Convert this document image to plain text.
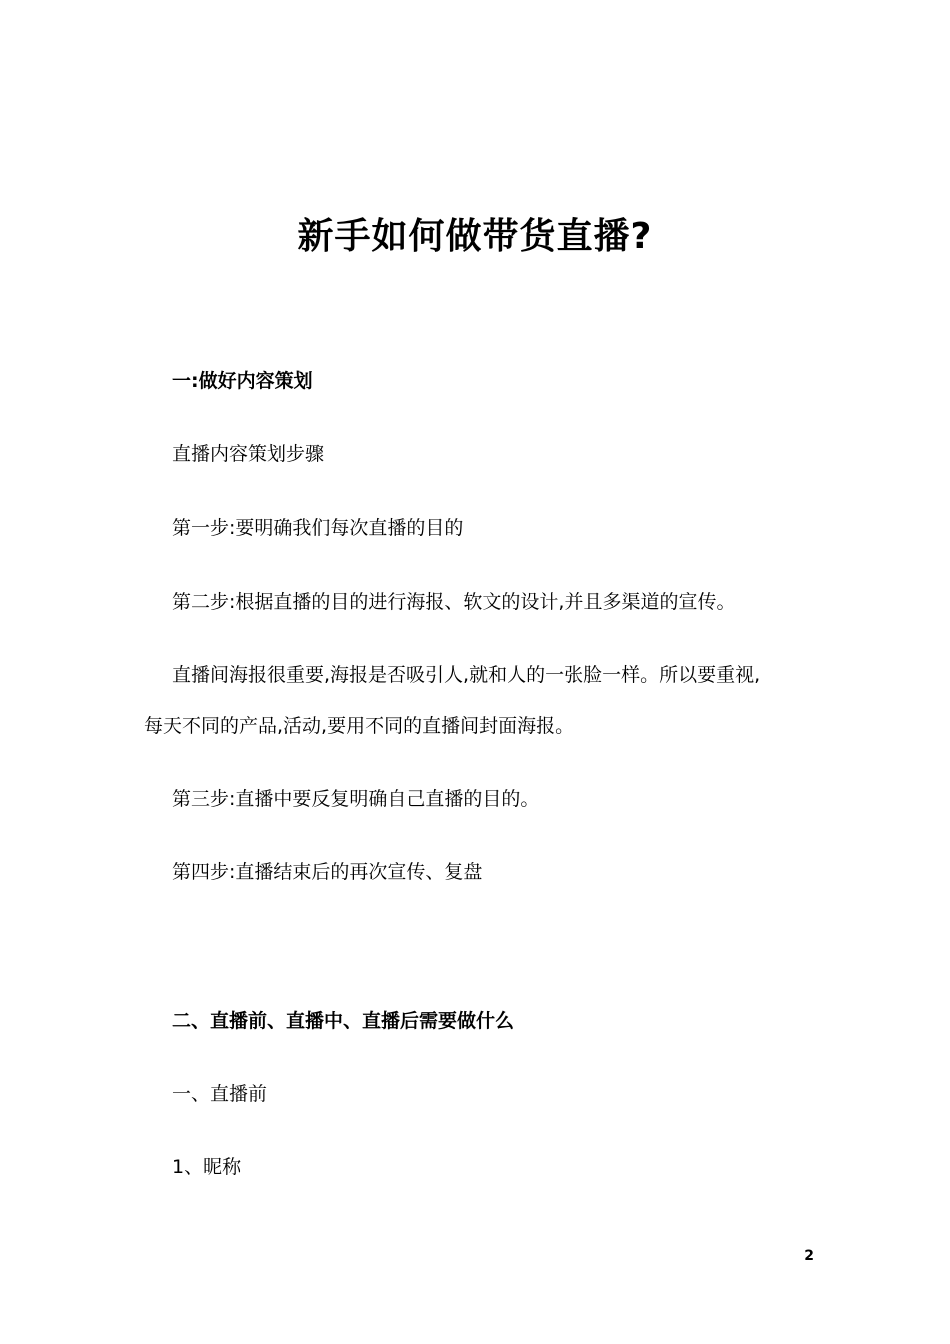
新手如何做带货直播?
一:做好内容策划
直播内容策划步骤
第一步:要明确我们每次直播的目的
第二步:根据直播的目的进行海报、软文的设计,并且多渠道的宣传。
直播间海报很重要,海报是否吸引人,就和人的一张脸一样。所以要重视,
每天不同的产品,活动,要用不同的直播间封面海报。
第三步:直播中要反复明确自己直播的目的。
第四步:直播结束后的再次宣传、复盘
二、直播前、直播中、直播后需要做什么
一、直播前
1、昵称
2
